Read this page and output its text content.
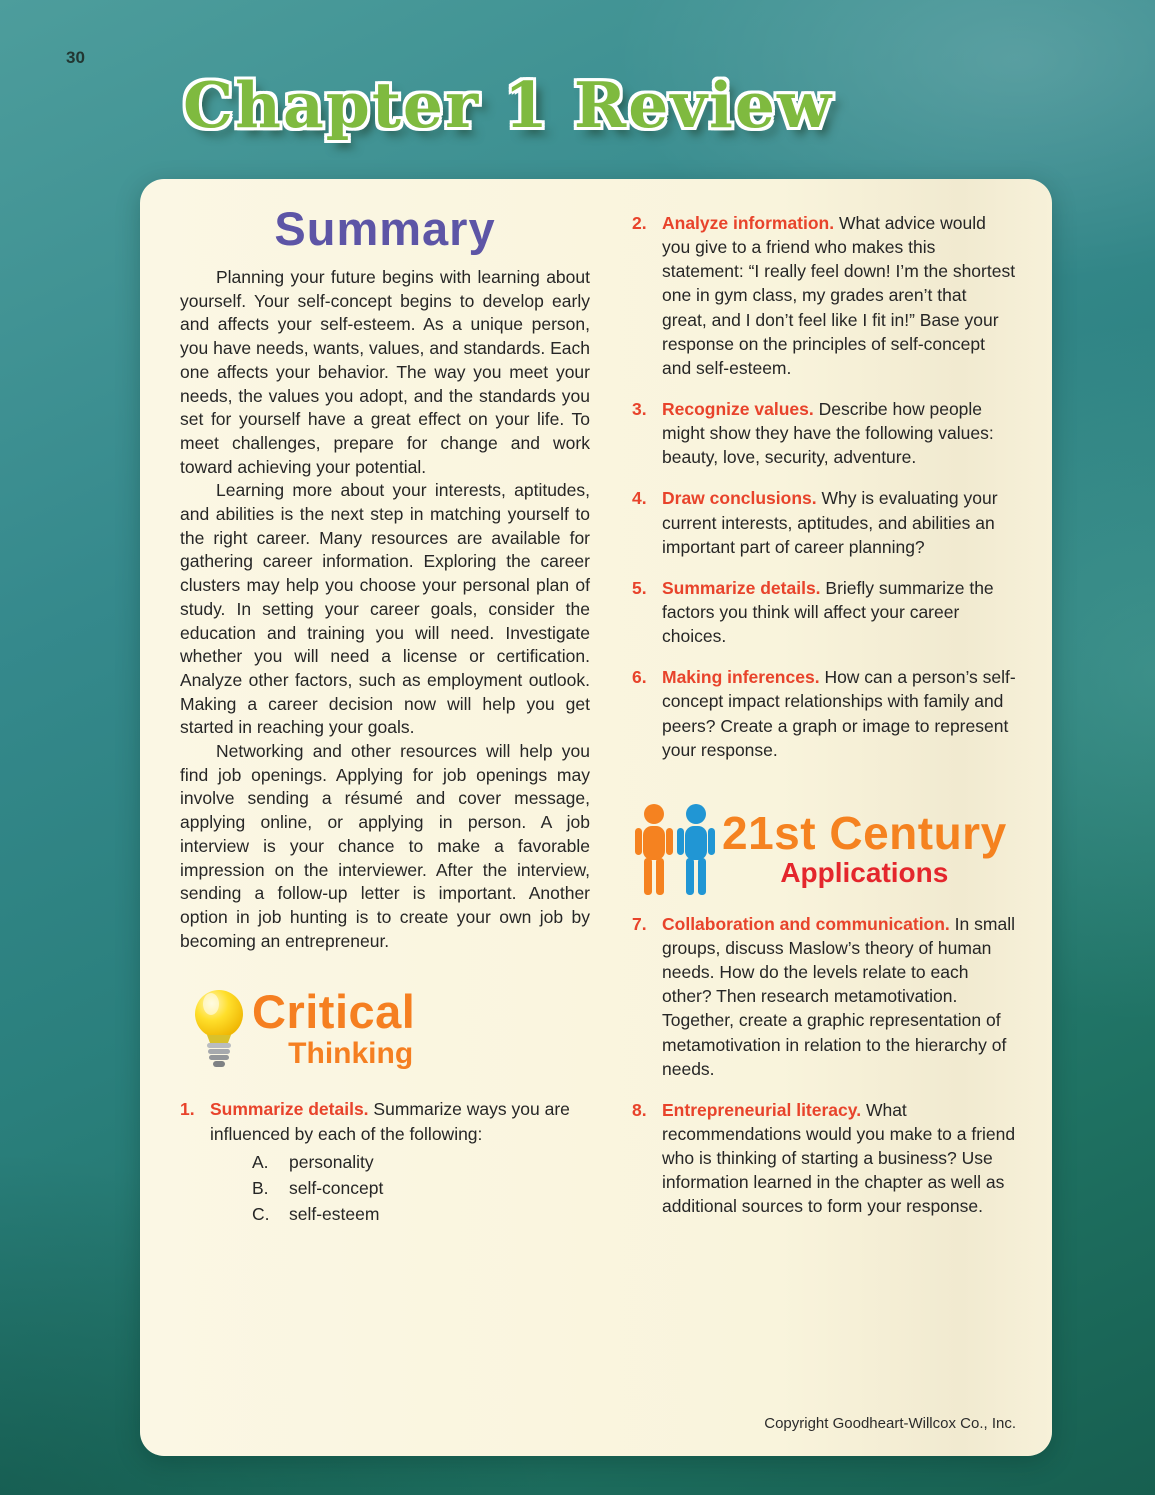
30
Chapter 1 Review
Summary

Planning your future begins with learning about yourself. Your self-concept begins to develop early and affects your self-esteem. As a unique person, you have needs, wants, values, and standards. Each one affects your behavior. The way you meet your needs, the values you adopt, and the standards you set for yourself have a great effect on your life. To meet challenges, prepare for change and work toward achieving your potential.

Learning more about your interests, aptitudes, and abilities is the next step in matching yourself to the right career. Many resources are available for gathering career information. Exploring the career clusters may help you choose your personal plan of study. In setting your career goals, consider the education and training you will need. Investigate whether you will need a license or certification. Analyze other factors, such as employment outlook. Making a career decision now will help you get started in reaching your goals.

Networking and other resources will help you find job openings. Applying for job openings may involve sending a résumé and cover message, applying online, or applying in person. A job interview is your chance to make a favorable impression on the interviewer. After the interview, sending a follow-up letter is important. Another option in job hunting is to create your own job by becoming an entrepreneur.

Critical
Thinking
1. Summarize details. Summarize ways you are influenced by each of the following:

A.	personality
B.	self-concept
C.	self-esteem
2. Analyze information. What advice would you give to a friend who makes this statement: “I really feel down! I’m the shortest one in gym class, my grades aren’t that great, and I don’t feel like I fit in!” Base your response on the principles of self-concept and self-esteem.

3. Recognize values. Describe how people might show they have the following values: beauty, love, security, adventure.

4. Draw conclusions. Why is evaluating your current interests, aptitudes, and abilities an important part of career planning?

5. Summarize details. Briefly summarize the factors you think will affect your career choices.

6. Making inferences. How can a person’s self-concept impact relationships with family and peers? Create a graph or image to represent your response.

21st Century
Applications
7. Collaboration and communication. In small groups, discuss Maslow’s theory of human needs. How do the levels relate to each other? Then research metamotivation. Together, create a graphic representation of metamotivation in relation to the hierarchy of needs.

8. Entrepreneurial literacy. What recommendations would you make to a friend who is thinking of starting a business? Use information learned in the chapter as well as additional sources to form your response.

Copyright Goodheart-Willcox Co., Inc.
